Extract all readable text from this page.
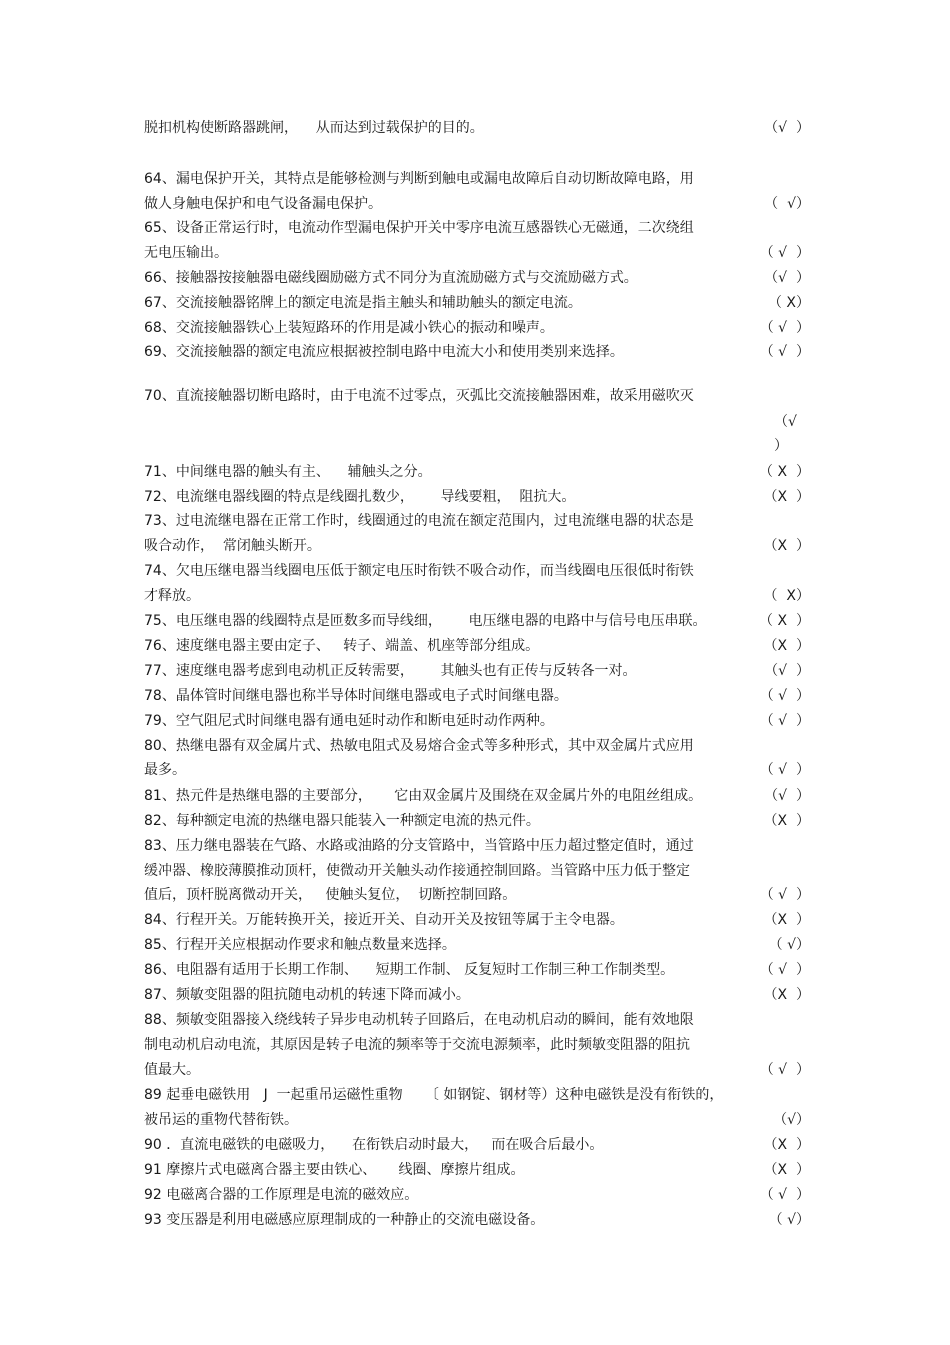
脱扣机构使断路器跳闸，    从而达到过载保护的目的。
64、漏电保护开关，其特点是能够检测与判断到触电或漏电故障后自动切断故障电路，用
做人身触电保护和电气设备漏电保护。
65、设备正常运行时，电流动作型漏电保护开关中零序电流互感器铁心无磁通，二次绕组
无电压输出。
66、接触器按接触器电磁线圈励磁方式不同分为直流励磁方式与交流励磁方式。
67、交流接触器铭牌上的额定电流是指主触头和辅助触头的额定电流。
68、交流接触器铁心上装短路环的作用是减小铁心的振动和噪声。
69、交流接触器的额定电流应根据被控制电路中电流大小和使用类别来选择。
70、直流接触器切断电路时，由于电流不过零点，灭弧比交流接触器困难，故采用磁吹灭
71、中间继电器的触头有主、    辅触头之分。
72、电流继电器线圈的特点是线圈扎数少，      导线要粗，  阻抗大。
73、过电流继电器在正常工作时，线圈通过的电流在额定范围内，过电流继电器的状态是
吸合动作，  常闭触头断开。
74、欠电压继电器当线圈电压低于额定电压时衔铁不吸合动作，而当线圈电压很低时衔铁
才释放。
75、电压继电器的线圈特点是匝数多而导线细，      电压继电器的电路中与信号电压串联。
76、速度继电器主要由定子、   转子、端盖、机座等部分组成。
77、速度继电器考虑到电动机正反转需要，      其触头也有正传与反转各一对。
78、晶体管时间继电器也称半导体时间继电器或电子式时间继电器。
79、空气阻尼式时间继电器有通电延时动作和断电延时动作两种。
80、热继电器有双金属片式、热敏电阻式及易熔合金式等多种形式，其中双金属片式应用
最多。
81、热元件是热继电器的主要部分，     它由双金属片及围绕在双金属片外的电阻丝组成。
82、每种额定电流的热继电器只能装入一种额定电流的热元件。
83、压力继电器装在气路、水路或油路的分支管路中，当管路中压力超过整定值时，通过
缓冲器、橡胶薄膜推动顶杆，使微动开关触头动作接通控制回路。当管路中压力低于整定
值后，顶杆脱离微动开关，   使触头复位，  切断控制回路。
84、行程开关。万能转换开关，接近开关、自动开关及按钮等属于主令电器。
85、行程开关应根据动作要求和触点数量来选择。
86、电阻器有适用于长期工作制、    短期工作制、 反复短时工作制三种工作制类型。
87、频敏变阻器的阻抗随电动机的转速下降而减小。
88、频敏变阻器接入绕线转子异步电动机转子回路后，在电动机启动的瞬间，能有效地限
制电动机启动电流，其原因是转子电流的频率等于交流电源频率，此时频敏变阻器的阻抗
值最大。
89 起垂电磁铁用   J  一起重吊运磁性重物     〔 如钢锭、钢材等）这种电磁铁是没有衔铁的，
被吊运的重物代替衔铁。
90 ．直流电磁铁的电磁吸力，    在衔铁启动时最大，   而在吸合后最小。
91 摩擦片式电磁离合器主要由铁心、     线圈、摩擦片组成。
92 电磁离合器的工作原理是电流的磁效应。
93 变压器是利用电磁感应原理制成的一种静止的交流电磁设备。
（√  ）
（  √）
（ √  ）
（√  ）
（ X）
（ √  ）
（ √  ）
（√
）
（ X  ）
（X  ）
（X  ）
（  X）
（ X  ）
（X  ）
（√  ）
（ √  ）
（ √  ）
（ √  ）
（√  ）
（X  ）
（ √  ）
（X  ）
（ √）
（ √  ）
（X  ）
（ √  ）
（√）
（X  ）
（X  ）
（ √  ）
（ √）
